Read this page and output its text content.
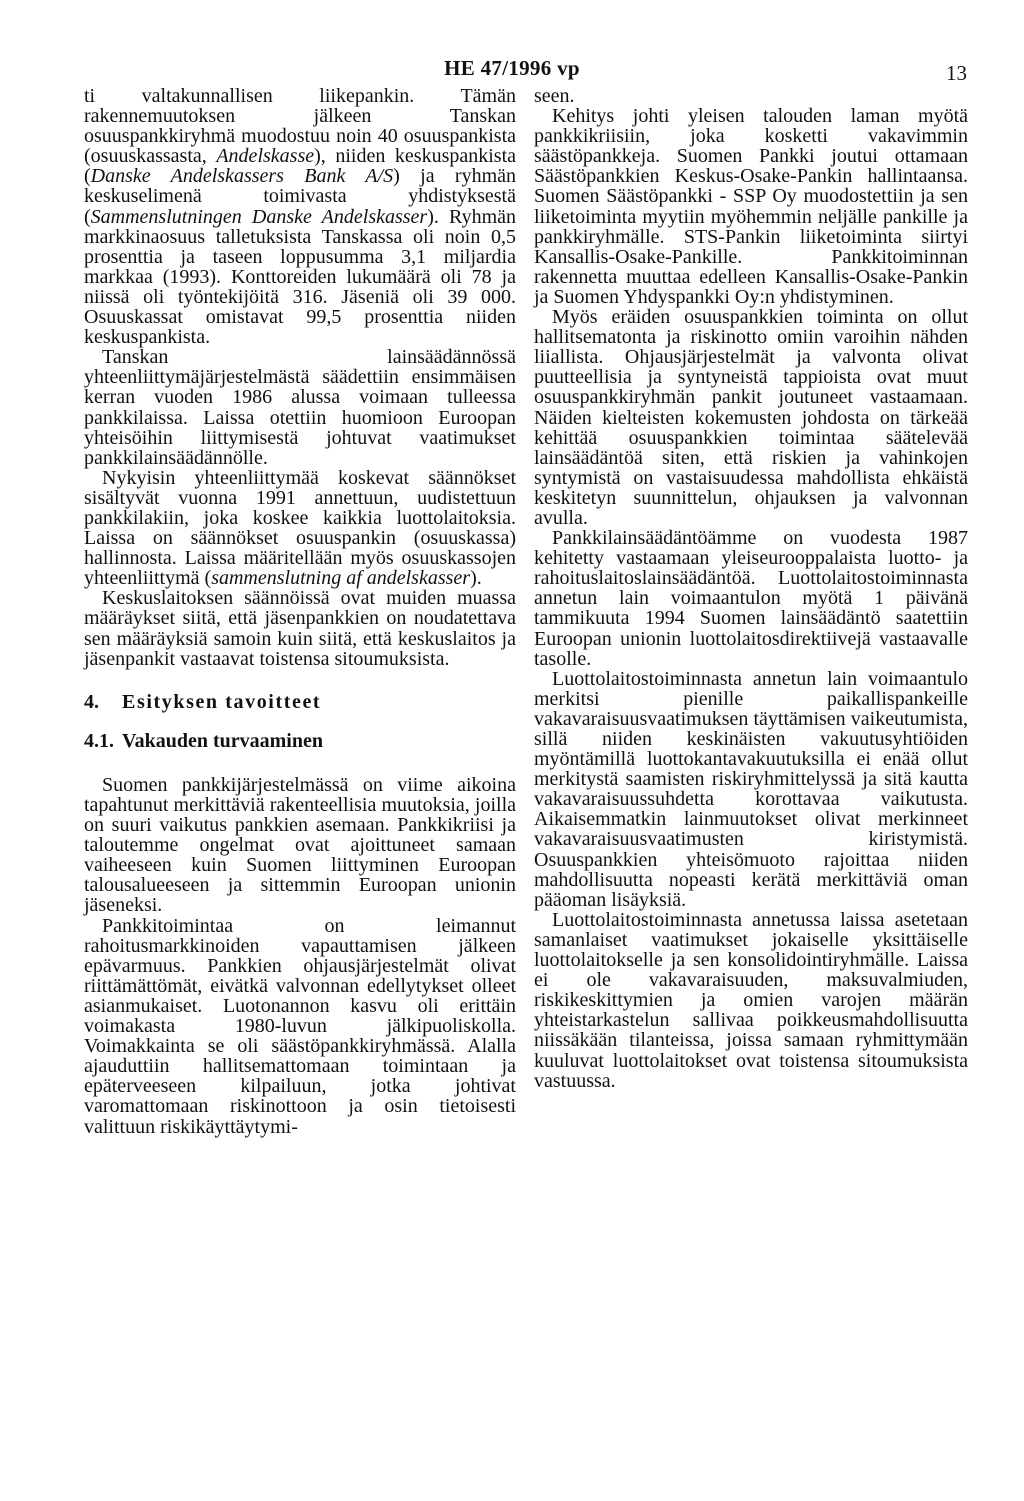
HE 47/1996 vp	13

ti valtakunnallisen liikepankin. Tämän rakennemuutoksen jälkeen Tanskan osuuspankkiryhmä muodostuu noin 40 osuuspankista (osuuskassasta, Andelskasse), niiden keskuspankista (Danske Andelskassers Bank A/S) ja ryhmän keskuselimenä toimivasta yhdistyksestä (Sammenslutningen Danske Andelskasser). Ryhmän markkinaosuus talletuksista Tanskassa oli noin 0,5 prosenttia ja taseen loppusumma 3,1 miljardia markkaa (1993). Konttoreiden lukumäärä oli 78 ja niissä oli työntekijöitä 316. Jäseniä oli 39 000. Osuuskassat omistavat 99,5 prosenttia niiden keskuspankista.

Tanskan lainsäädännössä yhteenliittymäjärjestelmästä säädettiin ensimmäisen kerran vuoden 1986 alussa voimaan tulleessa pankkilaissa. Laissa otettiin huomioon Euroopan yhteisöihin liittymisestä johtuvat vaatimukset pankkilainsäädännölle.

Nykyisin yhteenliittymää koskevat säännökset sisältyvät vuonna 1991 annettuun, uudistettuun pankkilakiin, joka koskee kaikkia luottolaitoksia. Laissa on säännökset osuuspankin (osuuskassa) hallinnosta. Laissa määritellään myös osuuskassojen yhteenliittymä (sammenslutning af andelskasser).

Keskuslaitoksen säännöissä ovat muiden muassa määräykset siitä, että jäsenpankkien on noudatettava sen määräyksiä samoin kuin siitä, että keskuslaitos ja jäsenpankit vastaavat toistensa sitoumuksista.

4. Esityksen tavoitteet
4.1. Vakauden turvaaminen

Suomen pankkijärjestelmässä on viime aikoina tapahtunut merkittäviä rakenteellisia muutoksia, joilla on suuri vaikutus pankkien asemaan. Pankkikriisi ja taloutemme ongelmat ovat ajoittuneet samaan vaiheeseen kuin Suomen liittyminen Euroopan talousalueeseen ja sittemmin Euroopan unionin jäseneksi.

Pankkitoimintaa on leimannut rahoitusmarkkinoiden vapauttamisen jälkeen epävarmuus. Pankkien ohjausjärjestelmät olivat riittämättömät, eivätkä valvonnan edellytykset olleet asianmukaiset. Luotonannon kasvu oli erittäin voimakasta 1980-luvun jälkipuoliskolla. Voimakkainta se oli säästöpankkiryhmässä. Alalla ajauduttiin hallitsemattomaan toimintaan ja epäterveeseen kilpailuun, jotka johtivat varomattomaan riskinottoon ja osin tietoisesti valittuun riskikäyttäytymi-

seen.

Kehitys johti yleisen talouden laman myötä pankkikriisiin, joka kosketti vakavimmin säästöpankkeja. Suomen Pankki joutui ottamaan Säästöpankkien Keskus-Osake-Pankin hallintaansa. Suomen Säästöpankki - SSP Oy muodostettiin ja sen liiketoiminta myytiin myöhemmin neljälle pankille ja pankkiryhmälle. STS-Pankin liiketoiminta siirtyi Kansallis-Osake-Pankille. Pankkitoiminnan rakennetta muuttaa edelleen Kansallis-Osake-Pankin ja Suomen Yhdyspankki Oy:n yhdistyminen.

Myös eräiden osuuspankkien toiminta on ollut hallitsematonta ja riskinotto omiin varoihin nähden liiallista. Ohjausjärjestelmät ja valvonta olivat puutteellisia ja syntyneistä tappioista ovat muut osuuspankkiryhmän pankit joutuneet vastaamaan. Näiden kielteisten kokemusten johdosta on tärkeää kehittää osuuspankkien toimintaa säätelevää lainsäädäntöä siten, että riskien ja vahinkojen syntymistä on vastaisuudessa mahdollista ehkäistä keskitetyn suunnittelun, ohjauksen ja valvonnan avulla.

Pankkilainsäädäntöämme on vuodesta 1987 kehitetty vastaamaan yleiseurooppalaista luotto- ja rahoituslaitoslainsäädäntöä. Luottolaitostoiminnasta annetun lain voimaantulon myötä 1 päivänä tammikuuta 1994 Suomen lainsäädäntö saatettiin Euroopan unionin luottolaitosdirektiivejä vastaavalle tasolle.

Luottolaitostoiminnasta annetun lain voimaantulo merkitsi pienille paikallispankeille vakavaraisuusvaatimuksen täyttämisen vaikeutumista, sillä niiden keskinäisten vakuutusyhtiöiden myöntämillä luottokantavakuutuksilla ei enää ollut merkitystä saamisten riskiryhmittelyssä ja sitä kautta vakavaraisuussuhdetta korottavaa vaikutusta. Aikaisemmatkin lainmuutokset olivat merkinneet vakavaraisuusvaatimusten kiristymistä. Osuuspankkien yhteisömuoto rajoittaa niiden mahdollisuutta nopeasti kerätä merkittäviä oman pääoman lisäyksiä.

Luottolaitostoiminnasta annetussa laissa asetetaan samanlaiset vaatimukset jokaiselle yksittäiselle luottolaitokselle ja sen konsolidointiryhmälle. Laissa ei ole vakavaraisuuden, maksuvalmiuden, riskikeskittymien ja omien varojen määrän yhteistarkastelun sallivaa poikkeusmahdollisuutta niissäkään tilanteissa, joissa samaan ryhmittymään kuuluvat luottolaitokset ovat toistensa sitoumuksista vastuussa.
